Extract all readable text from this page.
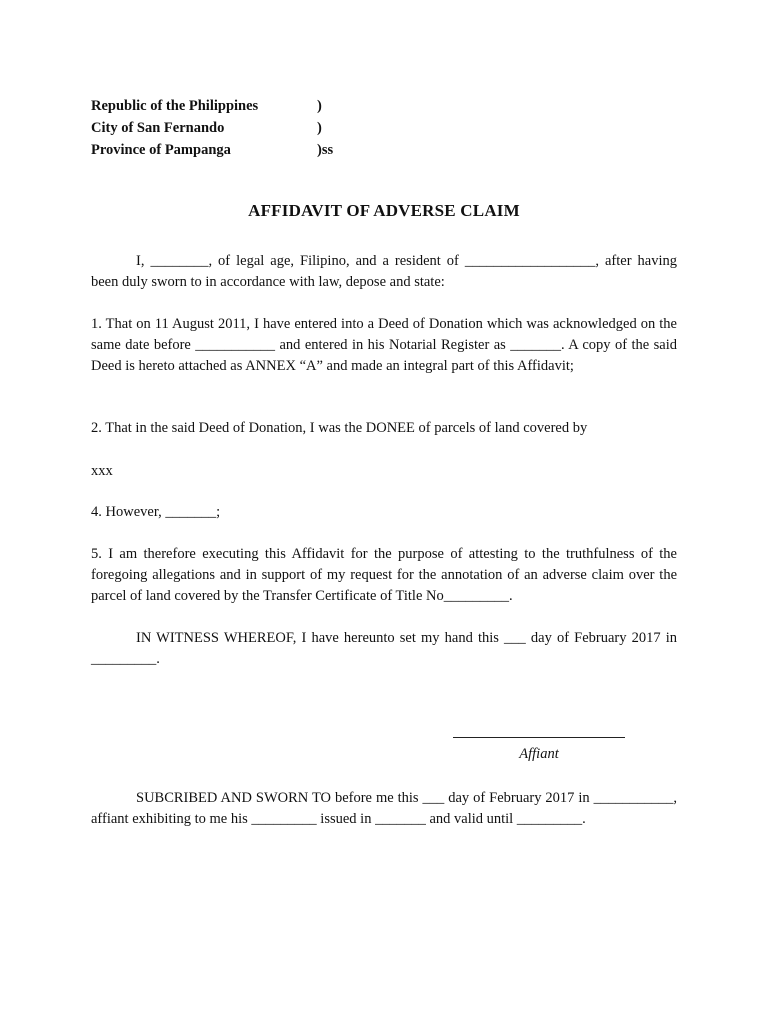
Republic of the Philippines	)
City of San Fernando	)
Province of Pampanga	)ss
AFFIDAVIT OF ADVERSE CLAIM

I, ________, of legal age, Filipino, and a resident of __________________, after having been duly sworn to in accordance with law, depose and state:

1. That on 11 August 2011, I have entered into a Deed of Donation which was acknowledged on the same date before ___________ and entered in his Notarial Register as _______. A copy of the said Deed is hereto attached as ANNEX “A” and made an integral part of this Affidavit;

2. That in the said Deed of Donation, I was the DONEE of parcels of land covered by

xxx

4. However, _______;

5. I am therefore executing this Affidavit for the purpose of attesting to the truthfulness of the foregoing allegations and in support of my request for the annotation of an adverse claim over the parcel of land covered by the Transfer Certificate of Title No_________.

IN WITNESS WHEREOF, I have hereunto set my hand this ___ day of February 2017 in _________.

Affiant

SUBCRIBED AND SWORN TO before me this ___ day of February 2017 in ___________, affiant exhibiting to me his _________ issued in _______ and valid until _________.
